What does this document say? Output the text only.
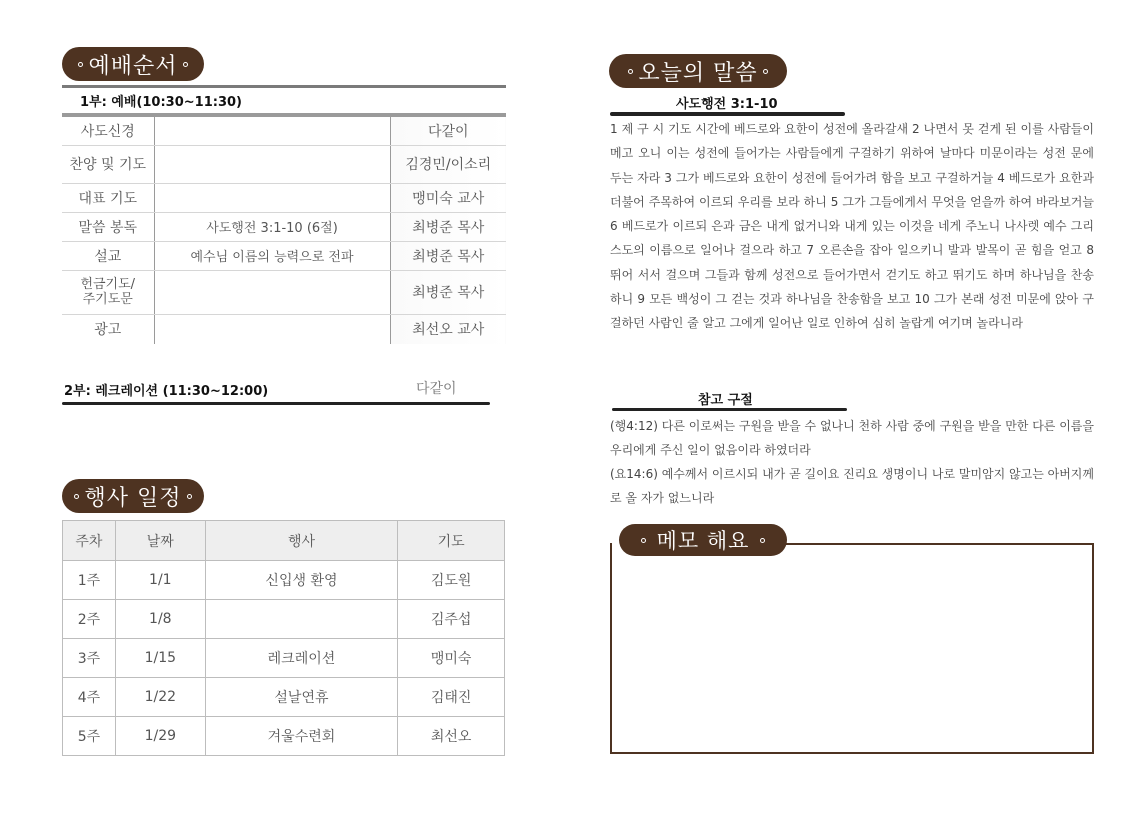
예배순서
1부: 예배(10:30~11:30)
사도신경		다같이
찬양 및 기도		김경민/이소리
대표 기도		맹미숙 교사
말씀 봉독	사도행전 3:1-10 (6절)	최병준 목사
설교	예수님 이름의 능력으로 전파	최병준 목사
헌금기도/
주기도문		최병준 목사
광고		최선오 교사
2부: 레크레이션 (11:30~12:00)	다같이
행사 일정
주차	날짜	행사	기도
1주	1/1	신입생 환영	김도원
2주	1/8		김주섭
3주	1/15	레크레이션	맹미숙
4주	1/22	설날연휴	김태진
5주	1/29	겨울수련회	최선오
오늘의 말씀
사도행전 3:1-10
1 제 구 시 기도 시간에 베드로와 요한이 성전에 올라갈새 2 나면서 못 걷게 된 이를 사람들이 메고 오니 이는 성전에 들어가는 사람들에게 구걸하기 위하여 날마다 미문이라는 성전 문에 두는 자라 3 그가 베드로와 요한이 성전에 들어가려 함을 보고 구걸하거늘 4 베드로가 요한과 더불어 주목하여 이르되 우리를 보라 하니 5 그가 그들에게서 무엇을 얻을까 하여 바라보거늘 6 베드로가 이르되 은과 금은 내게 없거니와 내게 있는 이것을 네게 주노니 나사렛 예수 그리스도의 이름으로 일어나 걸으라 하고 7 오른손을 잡아 일으키니 발과 발목이 곧 힘을 얻고 8 뛰어 서서 걸으며 그들과 함께 성전으로 들어가면서 걷기도 하고 뛰기도 하며 하나님을 찬송하니 9 모든 백성이 그 걷는 것과 하나님을 찬송함을 보고 10 그가 본래 성전 미문에 앉아 구걸하던 사람인 줄 알고 그에게 일어난 일로 인하여 심히 놀랍게 여기며 놀라니라
참고 구절
(행4:12) 다른 이로써는 구원을 받을 수 없나니 천하 사람 중에 구원을 받을 만한 다른 이름을 우리에게 주신 일이 없음이라 하였더라
(요14:6) 예수께서 이르시되 내가 곧 길이요 진리요 생명이니 나로 말미암지 않고는 아버지께로 올 자가 없느니라
메모 해요
